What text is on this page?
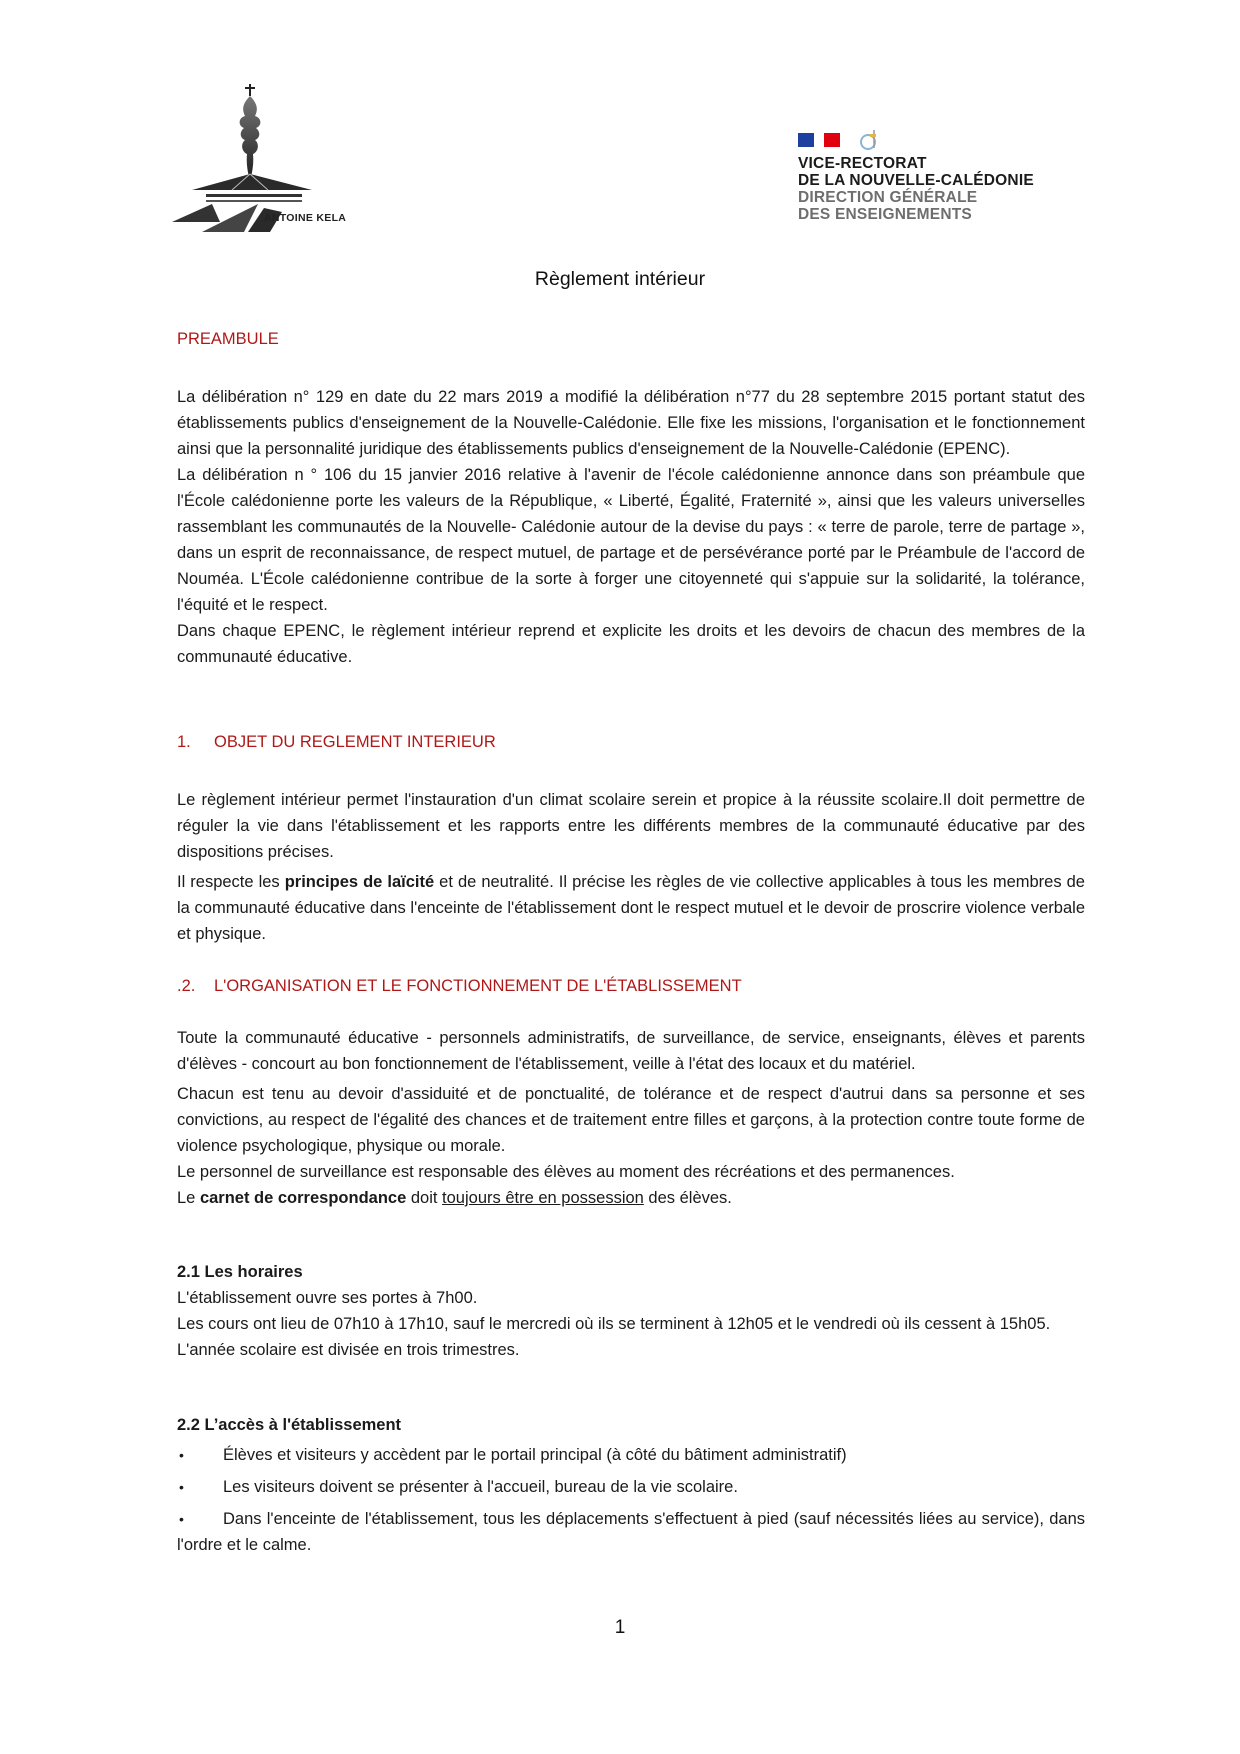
ANTOINE KELA
VICE-RECTORAT
DE LA NOUVELLE-CALÉDONIE
DIRECTION GÉNÉRALE
DES ENSEIGNEMENTS
Règlement intérieur
PREAMBULE

La délibération n° 129 en date du 22 mars 2019 a modifié la délibération n°77 du 28 septembre 2015 portant statut des établissements publics d'enseignement de la Nouvelle-Calédonie. Elle fixe les missions, l'organisation et le fonctionnement ainsi que la personnalité juridique des établissements publics d'enseignement de la Nouvelle-Calédonie (EPENC).

La délibération n ° 106 du 15 janvier 2016 relative à l'avenir de l'école calédonienne annonce dans son préambule que l'École calédonienne porte les valeurs de la République, « Liberté, Égalité, Fraternité », ainsi que les valeurs universelles rassemblant les communautés de la Nouvelle- Calédonie autour de la devise du pays : « terre de parole, terre de partage », dans un esprit de reconnaissance, de respect mutuel, de partage et de persévérance porté par le Préambule de l'accord de Nouméa. L'École calédonienne contribue de la sorte à forger une citoyenneté qui s'appuie sur la solidarité, la tolérance, l'équité et le respect.

Dans chaque EPENC, le règlement intérieur reprend et explicite les droits et les devoirs de chacun des membres de la communauté éducative.

1. OBJET DU REGLEMENT INTERIEUR

Le règlement intérieur permet l'instauration d'un climat scolaire serein et propice à la réussite scolaire.Il doit permettre de réguler la vie dans l'établissement et les rapports entre les différents membres de la communauté éducative par des dispositions précises.

Il respecte les principes de laïcité et de neutralité. Il précise les règles de vie collective applicables à tous les membres de la communauté éducative dans l'enceinte de l'établissement dont le respect mutuel et le devoir de proscrire violence verbale et physique.

.2. L'ORGANISATION ET LE FONCTIONNEMENT DE L'ÉTABLISSEMENT

Toute la communauté éducative - personnels administratifs, de surveillance, de service, enseignants, élèves et parents d'élèves - concourt au bon fonctionnement de l'établissement, veille à l'état des locaux et du matériel.

Chacun est tenu au devoir d'assiduité et de ponctualité, de tolérance et de respect d'autrui dans sa personne et ses convictions, au respect de l'égalité des chances et de traitement entre filles et garçons, à la protection contre toute forme de violence psychologique, physique ou morale.

Le personnel de surveillance est responsable des élèves au moment des récréations et des permanences.

Le carnet de correspondance doit toujours être en possession des élèves.

2.1 Les horaires

L'établissement ouvre ses portes à 7h00.

Les cours ont lieu de 07h10 à 17h10, sauf le mercredi où ils se terminent à 12h05 et le vendredi où ils cessent à 15h05.

L'année scolaire est divisée en trois trimestres.

2.2 L’accès à l'établissement

•	Élèves et visiteurs y accèdent par le portail principal (à côté du bâtiment administratif)
•	Les visiteurs doivent se présenter à l'accueil, bureau de la vie scolaire.

• Dans l'enceinte de l'établissement, tous les déplacements s'effectuent à pied (sauf nécessités liées au service), dans l'ordre et le calme.

1
